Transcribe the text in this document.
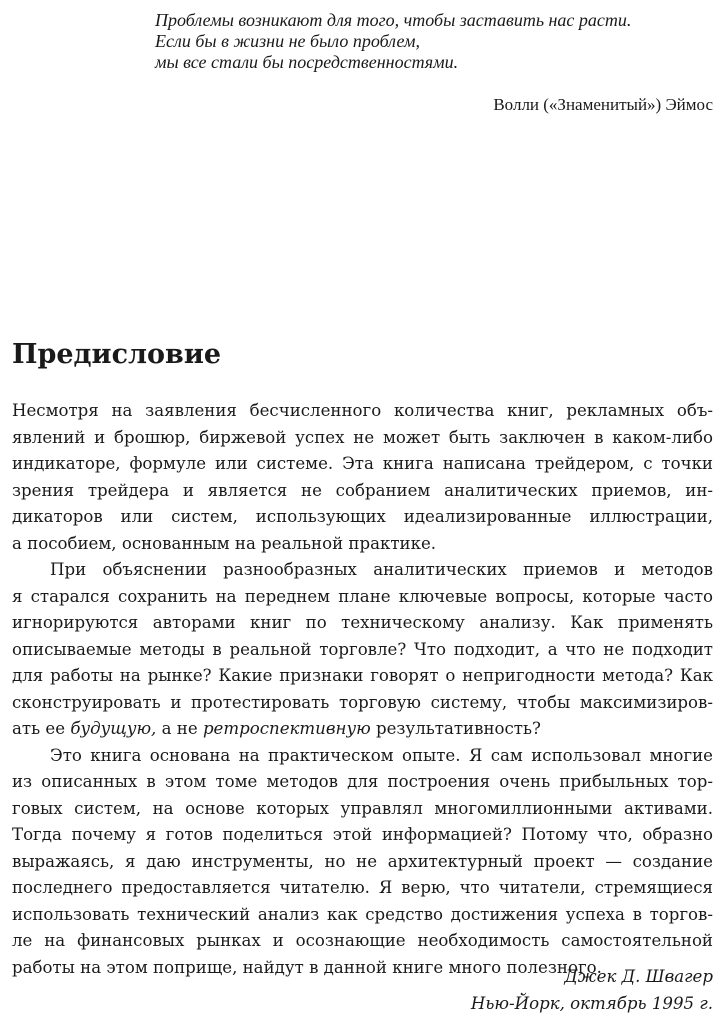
Проблемы возникают для того, чтобы заставить нас расти.
Если бы в жизни не было проблем,
мы все стали бы посредственностями.
Волли («Знаменитый») Эймос
Предисловие
Несмотря на заявления бесчисленного количества книг, рекламных объ-
явлений и брошюр, биржевой успех не может быть заключен в каком-либо
индикаторе, формуле или системе. Эта книга написана трейдером, с точки
зрения трейдера и является не собранием аналитических приемов, ин-
дикаторов или систем, использующих идеализированные иллюстрации,
а пособием, основанным на реальной практике.
При объяснении разнообразных аналитических приемов и методов
я старался сохранить на переднем плане ключевые вопросы, которые часто
игнорируются авторами книг по техническому анализу. Как применять
описываемые методы в реальной торговле? Что подходит, а что не подходит
для работы на рынке? Какие признаки говорят о непригодности метода? Как
сконструировать и протестировать торговую систему, чтобы максимизиров-
ать ее будущую, а не ретроспективную результативность?
Это книга основана на практическом опыте. Я сам использовал многие
из описанных в этом томе методов для построения очень прибыльных тор-
говых систем, на основе которых управлял многомиллионными активами.
Тогда почему я готов поделиться этой информацией? Потому что, образно
выражаясь, я даю инструменты, но не архитектурный проект — создание
последнего предоставляется читателю. Я верю, что читатели, стремящиеся
использовать технический анализ как средство достижения успеха в торгов-
ле на финансовых рынках и осознающие необходимость самостоятельной
работы на этом поприще, найдут в данной книге много полезного.
Джек Д. Швагер
Нью-Йорк, октябрь 1995 г.
